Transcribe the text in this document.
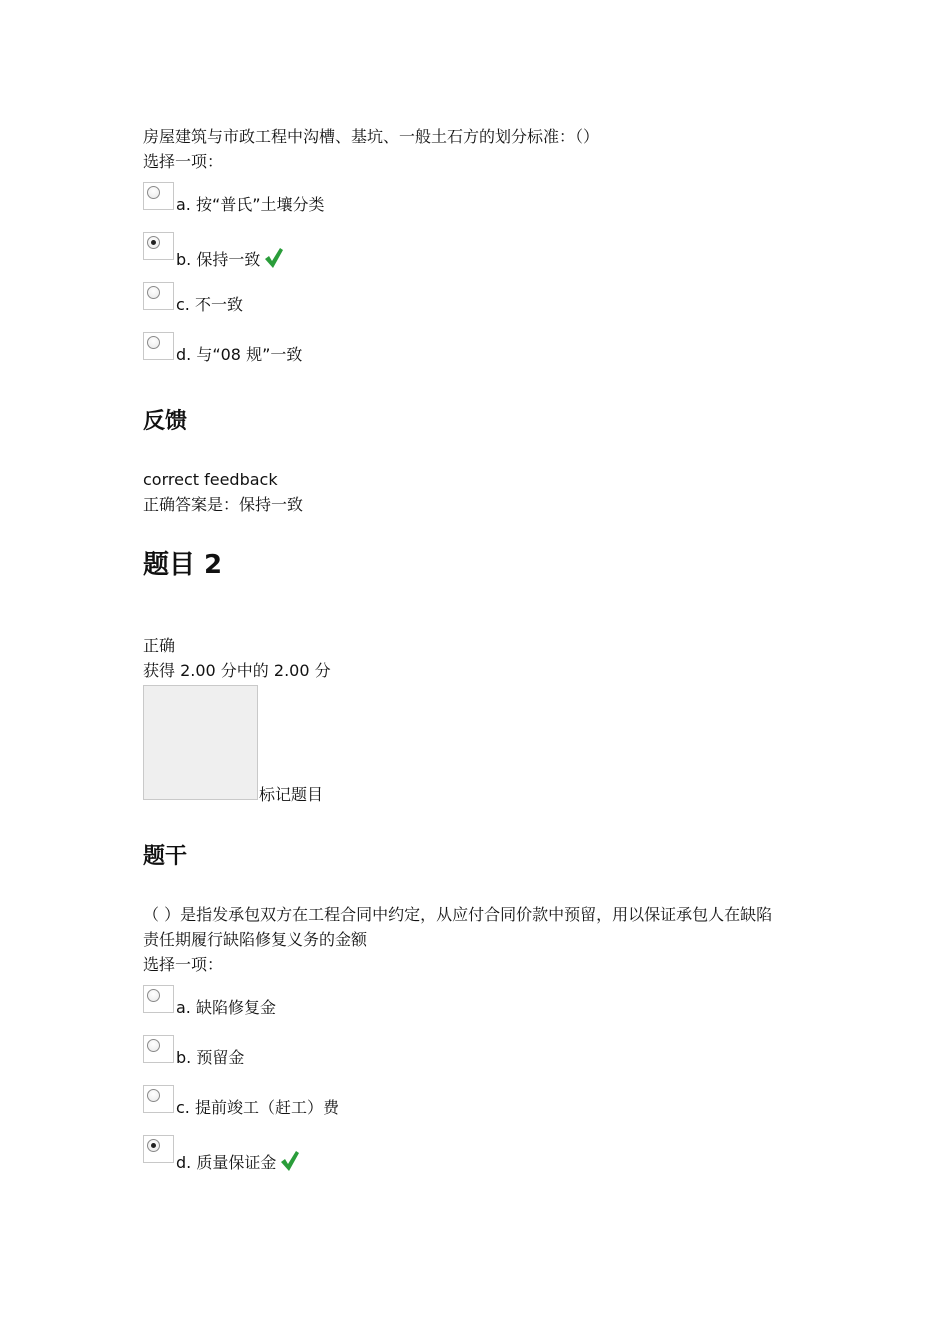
房屋建筑与市政工程中沟槽、基坑、一般土石方的划分标准：（）
选择一项：
a. 按“普氏”土壤分类
b. 保持一致
c. 不一致
d. 与“08 规”一致
反馈
correct feedback
正确答案是：保持一致
题目 2
正确
获得 2.00 分中的 2.00 分
标记题目
题干
（ ）是指发承包双方在工程合同中约定，从应付合同价款中预留，用以保证承包人在缺陷
责任期履行缺陷修复义务的金额
选择一项：
a. 缺陷修复金
b. 预留金
c. 提前竣工（赶工）费
d. 质量保证金
